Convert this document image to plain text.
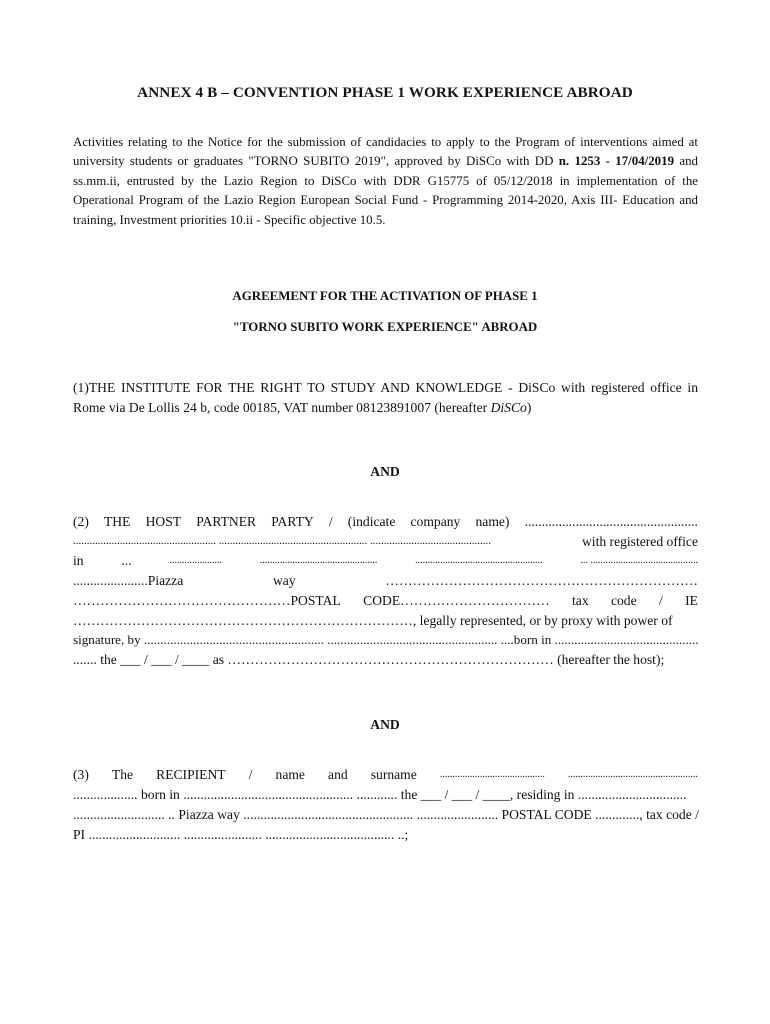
ANNEX 4 B – CONVENTION PHASE 1 WORK EXPERIENCE ABROAD
Activities relating to the Notice for the submission of candidacies to apply to the Program of interventions aimed at university students or graduates "TORNO SUBITO 2019", approved by DiSCo with DD n. 1253 - 17/04/2019 and ss.mm.ii, entrusted by the Lazio Region to DiSCo with DDR G15775 of 05/12/2018 in implementation of the Operational Program of the Lazio Region European Social Fund - Programming 2014-2020, Axis III- Education and training, Investment priorities 10.ii - Specific objective 10.5.
AGREEMENT FOR THE ACTIVATION OF PHASE 1
"TORNO SUBITO WORK EXPERIENCE" ABROAD
(1)THE INSTITUTE FOR THE RIGHT TO STUDY AND KNOWLEDGE - DiSCo with registered office in Rome via De Lollis 24 b, code 00185, VAT number 08123891007 (hereafter DiSCo)
AND
(2) THE HOST PARTNER PARTY / (indicate company name) ...................................................
.................................................... ...................................................... ............................................	with registered office
in	...	.....................	...............................................	...................................................	... ...........................................
......................Piazza	way	……………………………………………………………
…………………………………………POSTAL CODE…………………………… tax code / IE
…………………………………………………………………, legally represented, or by proxy with power of
signature, by ....................................................... .................................................... ....born in ............................................
....... the ___ / ___ / ____ as ……………………………………………………………… (hereafter the host);
AND
(3) The RECIPIENT / name and surname .......................................... ....................................................
................... born in .................................................. ............ the ___ / ___ / ____, residing in ................................
........................... .. Piazza way .................................................. ........................ POSTAL CODE ............., tax code /
PI ........................... ....................... ...................................... ..;
